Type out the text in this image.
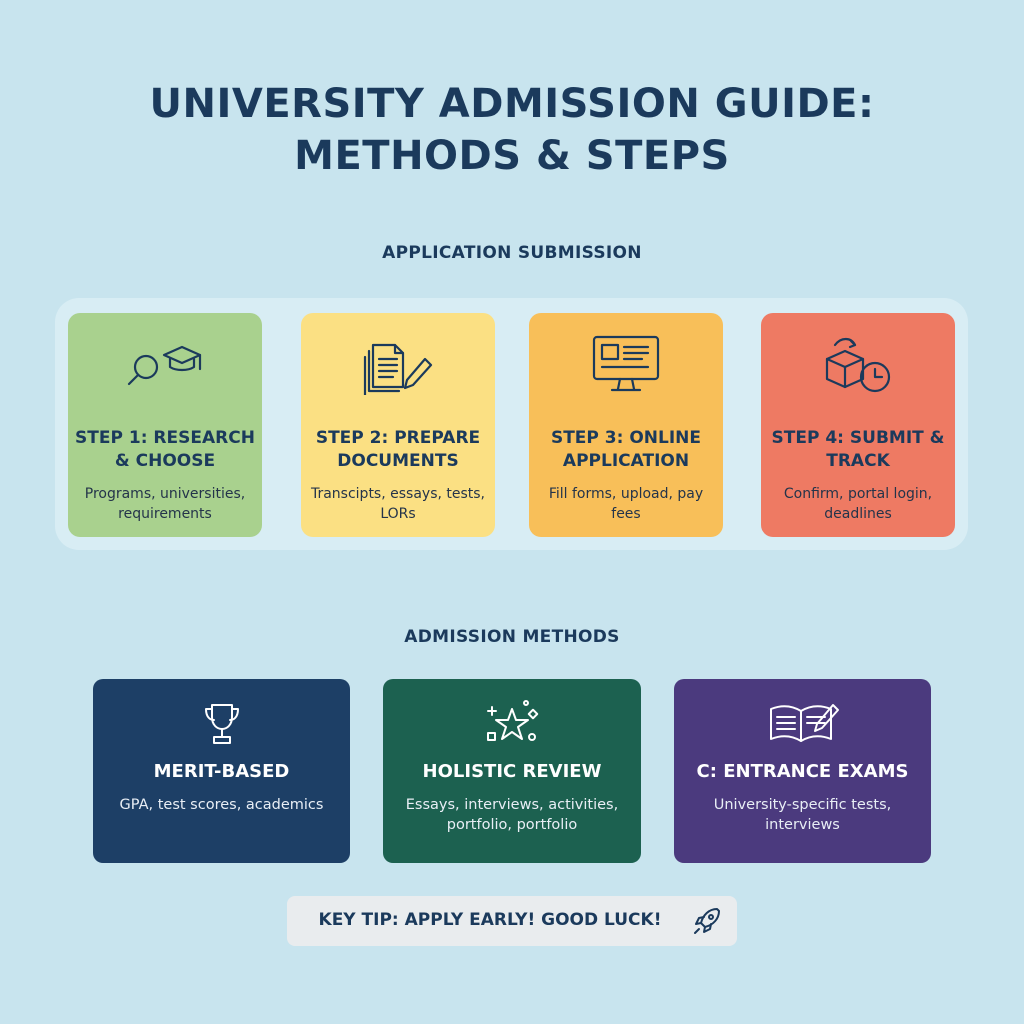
UNIVERSITY ADMISSION GUIDE:
METHODS & STEPS
APPLICATION SUBMISSION
STEP 1: RESEARCH & CHOOSE
Programs, universities, requirements
STEP 2: PREPARE DOCUMENTS
Transcipts, essays, tests, LORs
STEP 3: ONLINE APPLICATION
Fill forms, upload, pay fees
STEP 4: SUBMIT & TRACK
Confirm, portal login, deadlines
ADMISSION METHODS
MERIT-BASED
GPA, test scores, academics
HOLISTIC REVIEW
Essays, interviews, activities, portfolio, portfolio
C: ENTRANCE EXAMS
University-specific tests, interviews
KEY TIP: APPLY EARLY! GOOD LUCK!
